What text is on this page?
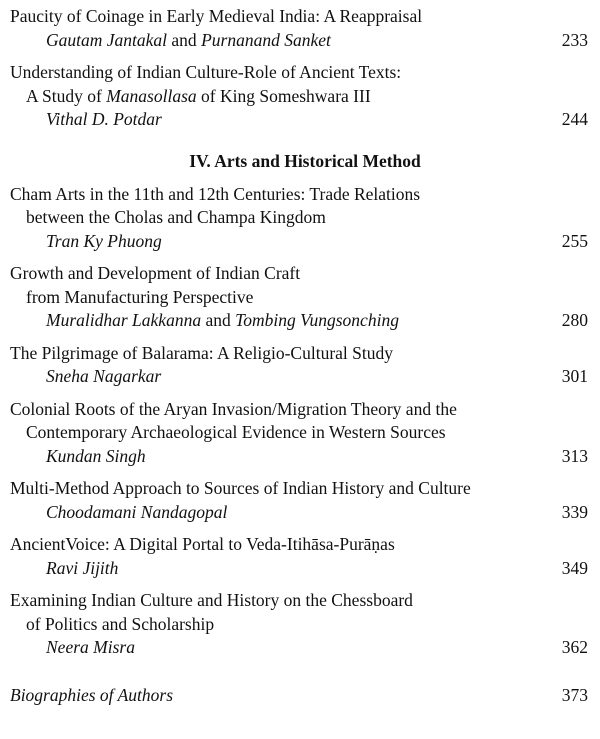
Paucity of Coinage in Early Medieval India: A Reappraisal
Gautam Jantakal and Purnanand Sanket	233
Understanding of Indian Culture-Role of Ancient Texts:
A Study of Manasollasa of King Someshwara III
Vithal D. Potdar	244
IV. Arts and Historical Method
Cham Arts in the 11th and 12th Centuries: Trade Relations
between the Cholas and Champa Kingdom
Tran Ky Phuong	255
Growth and Development of Indian Craft
from Manufacturing Perspective
Muralidhar Lakkanna and Tombing Vungsonching	280
The Pilgrimage of Balarama: A Religio-Cultural Study
Sneha Nagarkar	301
Colonial Roots of the Aryan Invasion/Migration Theory and the
Contemporary Archaeological Evidence in Western Sources
Kundan Singh	313
Multi-Method Approach to Sources of Indian History and Culture
Choodamani Nandagopal	339
AncientVoice: A Digital Portal to Veda-Itihāsa-Purāṇas
Ravi Jijith	349
Examining Indian Culture and History on the Chessboard
of Politics and Scholarship
Neera Misra	362
Biographies of Authors	373
